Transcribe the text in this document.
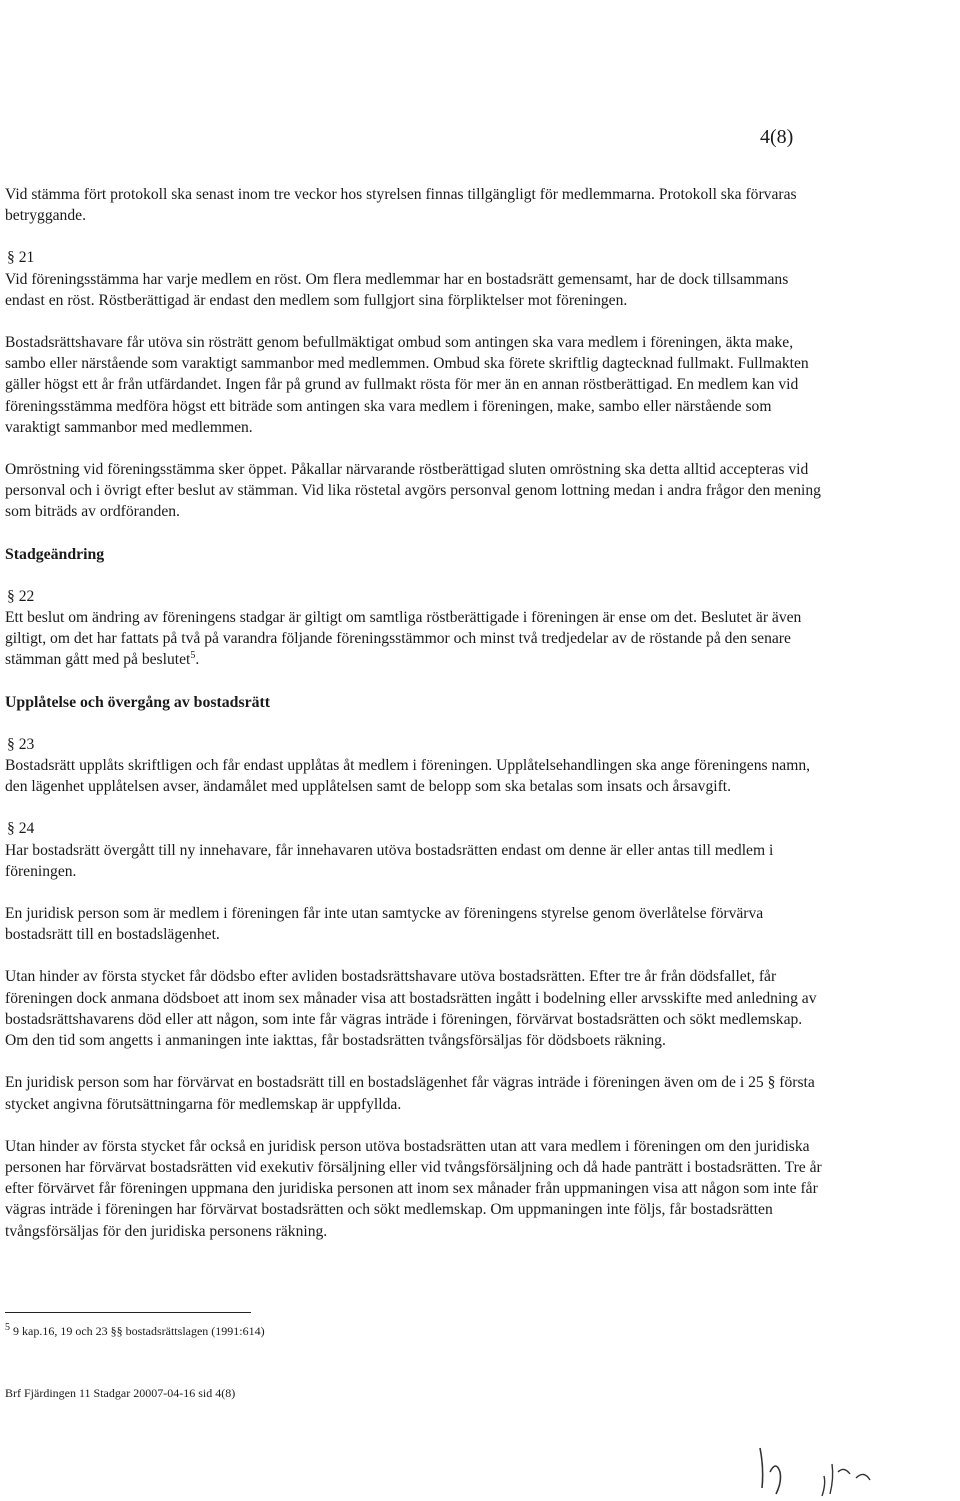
4(8)

Vid stämma fört protokoll ska senast inom tre veckor hos styrelsen finnas tillgängligt för medlemmarna. Protokoll ska förvaras betryggande.

§ 21

Vid föreningsstämma har varje medlem en röst. Om flera medlemmar har en bostadsrätt gemensamt, har de dock tillsammans endast en röst. Röstberättigad är endast den medlem som fullgjort sina förpliktelser mot föreningen.

Bostadsrättshavare får utöva sin rösträtt genom befullmäktigat ombud som antingen ska vara medlem i föreningen, äkta make, sambo eller närstående som varaktigt sammanbor med medlemmen. Ombud ska förete skriftlig dagtecknad fullmakt. Fullmakten gäller högst ett år från utfärdandet. Ingen får på grund av fullmakt rösta för mer än en annan röstberättigad. En medlem kan vid föreningsstämma medföra högst ett biträde som antingen ska vara medlem i föreningen, make, sambo eller närstående som varaktigt sammanbor med medlemmen.

Omröstning vid föreningsstämma sker öppet. Påkallar närvarande röstberättigad sluten omröstning ska detta alltid accepteras vid personval och i övrigt efter beslut av stämman. Vid lika röstetal avgörs personval genom lottning medan i andra frågor den mening som biträds av ordföranden.

Stadgeändring

§ 22

Ett beslut om ändring av föreningens stadgar är giltigt om samtliga röstberättigade i föreningen är ense om det. Beslutet är även giltigt, om det har fattats på två på varandra följande föreningsstämmor och minst två tredjedelar av de röstande på den senare stämman gått med på beslutet$^5$.

Upplåtelse och övergång av bostadsrätt

§ 23

Bostadsrätt upplåts skriftligen och får endast upplåtas åt medlem i föreningen. Upplåtelsehandlingen ska ange föreningens namn, den lägenhet upplåtelsen avser, ändamålet med upplåtelsen samt de belopp som ska betalas som insats och årsavgift.

§ 24

Har bostadsrätt övergått till ny innehavare, får innehavaren utöva bostadsrätten endast om denne är eller antas till medlem i föreningen.

En juridisk person som är medlem i föreningen får inte utan samtycke av föreningens styrelse genom överlåtelse förvärva bostadsrätt till en bostadslägenhet.

Utan hinder av första stycket får dödsbo efter avliden bostadsrättshavare utöva bostadsrätten. Efter tre år från dödsfallet, får föreningen dock anmana dödsboet att inom sex månader visa att bostadsrätten ingått i bodelning eller arvsskifte med anledning av bostadsrättshavarens död eller att någon, som inte får vägras inträde i föreningen, förvärvat bostadsrätten och sökt medlemskap. Om den tid som angetts i anmaningen inte iakttas, får bostadsrätten tvångsförsäljas för dödsboets räkning.

En juridisk person som har förvärvat en bostadsrätt till en bostadslägenhet får vägras inträde i föreningen även om de i 25 § första stycket angivna förutsättningarna för medlemskap är uppfyllda.

Utan hinder av första stycket får också en juridisk person utöva bostadsrätten utan att vara medlem i föreningen om den juridiska personen har förvärvat bostadsrätten vid exekutiv försäljning eller vid tvångsförsäljning och då hade panträtt i bostadsrätten. Tre år efter förvärvet får föreningen uppmana den juridiska personen att inom sex månader från uppmaningen visa att någon som inte får vägras inträde i föreningen har förvärvat bostadsrätten och sökt medlemskap. Om uppmaningen inte följs, får bostadsrätten tvångsförsäljas för den juridiska personens räkning.

$^5$ 9 kap.16, 19 och 23 §§ bostadsrättslagen (1991:614)
Brf Fjärdingen 11 Stadgar 20007-04-16 sid 4(8)
